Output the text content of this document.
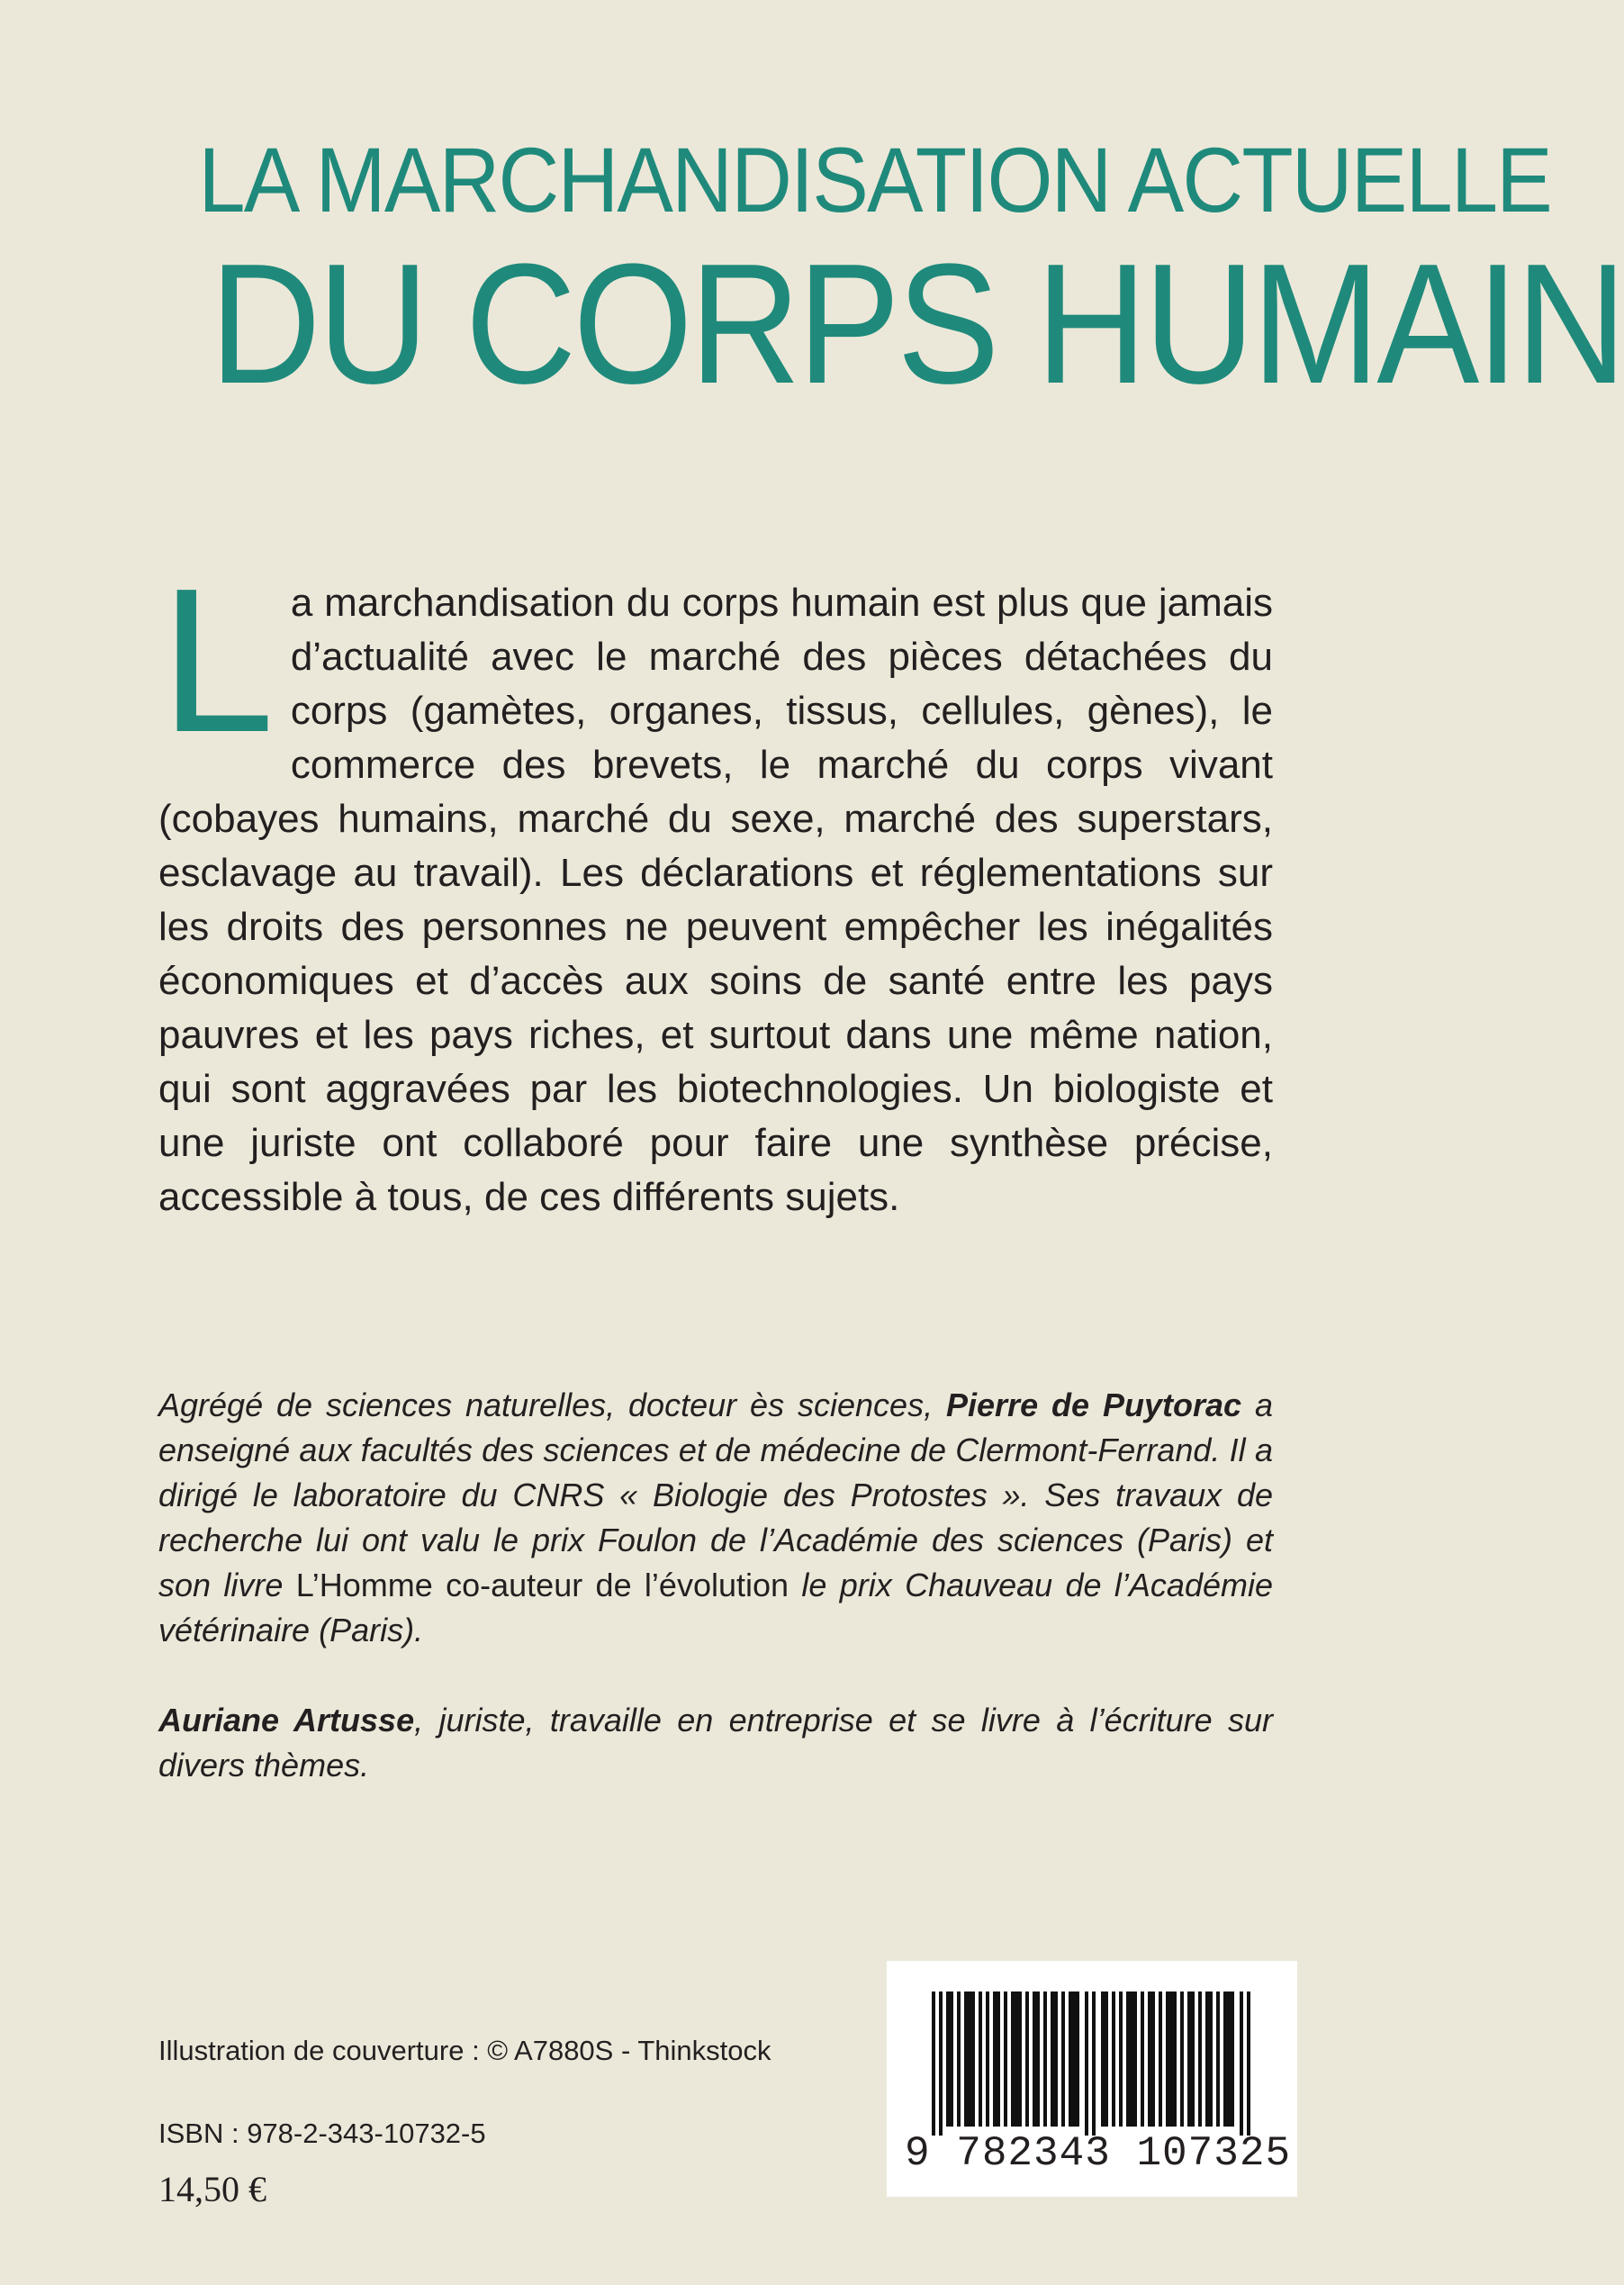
LA MARCHANDISATION ACTUELLE
DU CORPS HUMAIN
La marchandisation du corps humain est plus que jamais d’actualité avec le marché des pièces détachées du corps (gamètes, organes, tissus, cellules, gènes), le commerce des brevets, le marché du corps vivant (cobayes humains, marché du sexe, marché des superstars, esclavage au travail). Les déclarations et réglementations sur les droits des personnes ne peuvent empêcher les inégalités économiques et d’accès aux soins de santé entre les pays pauvres et les pays riches, et surtout dans une même nation, qui sont aggravées par les biotechnologies. Un biologiste et une juriste ont collaboré pour faire une synthèse précise, accessible à tous, de ces différents sujets.
Agrégé de sciences naturelles, docteur ès sciences, Pierre de Puytorac a enseigné aux facultés des sciences et de médecine de Clermont-Ferrand. Il a dirigé le laboratoire du CNRS « Biologie des Protostes ». Ses travaux de recherche lui ont valu le prix Foulon de l’Académie des sciences (Paris) et son livre L’Homme co-auteur de l’évolution le prix Chauveau de l’Académie vétérinaire (Paris).
Auriane Artusse, juriste, travaille en entreprise et se livre à l’écriture sur divers thèmes.
Illustration de couverture : © A7880S - Thinkstock
ISBN : 978-2-343-10732-5
14,50 €
9 782343 107325
